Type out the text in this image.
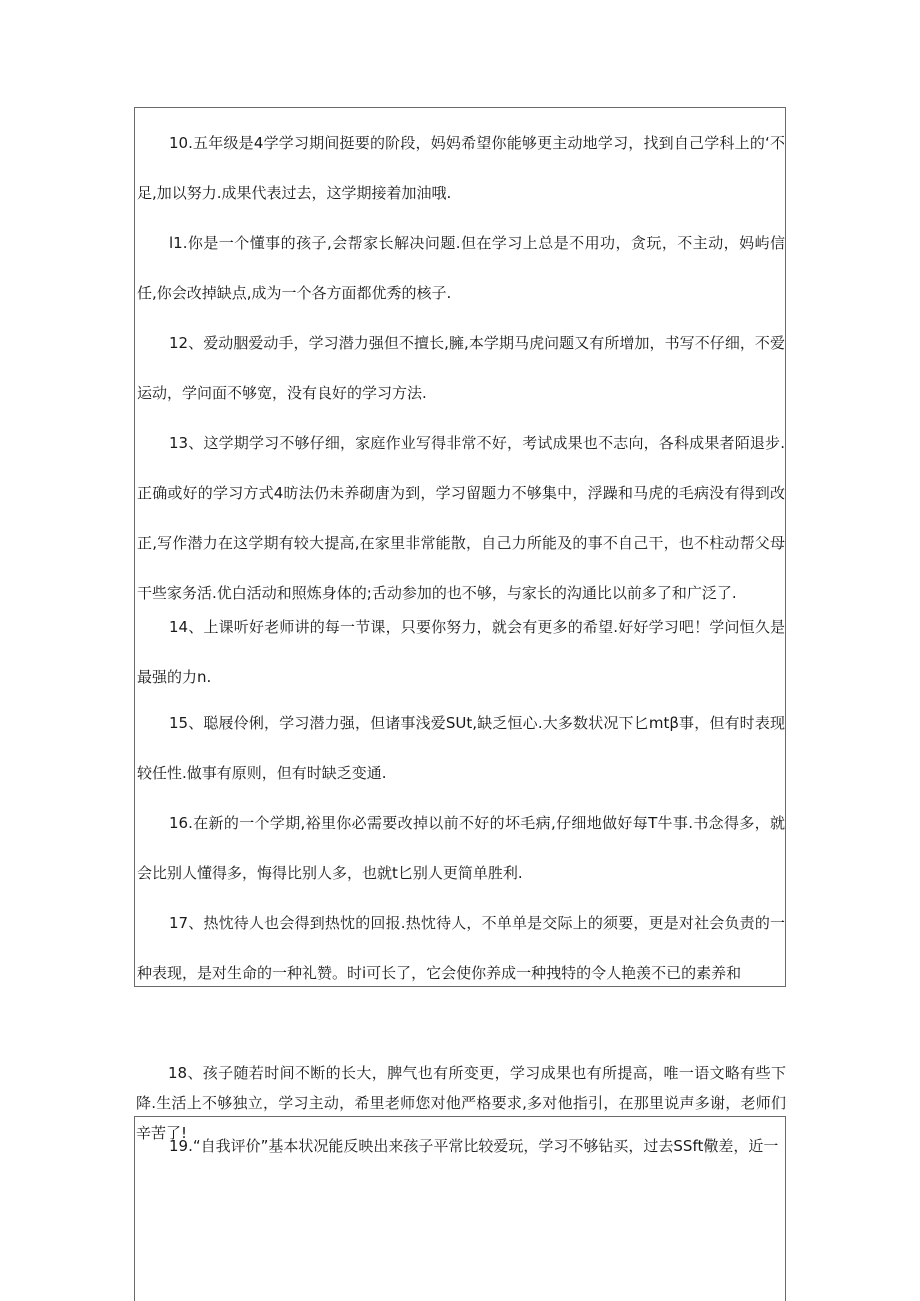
10.五年级是4学学习期间挺要的阶段，妈妈希望你能够更主动地学习，找到自己学科上的‘不足,加以努力.成果代表过去，这学期接着加油哦.

l1.你是一个懂事的孩子,会帮家长解决问题.但在学习上总是不用功，贪玩，不主动，妈屿信任,你会改掉缺点,成为一个各方面都优秀的核子.

12、爱动胭爱动手，学习潜力强但不擅长,臃,本学期马虎问题又有所增加，书写不仔细，不爱运动，学问面不够宽，没有良好的学习方法.

13、这学期学习不够仔细，家庭作业写得非常不好，考试成果也不志向，各科成果者陌退步.正确或好的学习方式4昉法仍未养砌唐为到，学习留题力不够集中，浮躁和马虎的毛病没有得到改正,写作潜力在这学期有较大提高,在家里非常能散，自己力所能及的事不自己干，也不柱动帮父母干些家务活.优白活动和照炼身体的;舌动参加的也不够，与家长的沟通比以前多了和广泛了.

14、上课听好老师讲的每一节课，只要你努力，就会有更多的希望.好好学习吧！学问恒久是最强的力n.

15、聪屐伶俐，学习潜力强，但诸事浅爱SUt,缺乏恒心.大多数状况下匕mtβ事，但有时表现较任性.做事有原则，但有时缺乏变通.

16.在新的一个学期,裕里你必需要改掉以前不好的坏毛病,仔细地做好每T牛事.书念得多，就会比别人懂得多，悔得比别人多，也就t匕别人更简单胜利.

17、热忱待人也会得到热忱的回报.热忱待人，不单单是交际上的须要，更是对社会负责的一种表现，是对生命的一种礼赞。时i可长了，它会使你养成一种拽特的令人艳羡不已的素养和

18、孩子随若时间不断的长大，脾气也有所变更，学习成果也有所提高，唯一语文略有些下降.生活上不够独立，学习主动，希里老师您对他严格要求,多对他指引，在那里说声多谢，老师们辛苦了!

19.“自我评价”基本状况能反映出来孩子平常比较爱玩，学习不够钻买，过去SSft儆差，近一
